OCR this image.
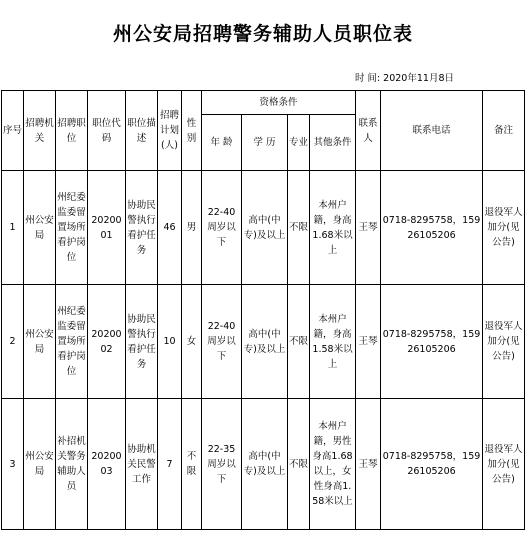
州公安局招聘警务辅助人员职位表
时 间: 2020年11月8日
序号	招聘机关	招聘职位	职位代码	职位描述	招聘计划(人)	性别	资格条件				联系人	联系电话	备注
							年 龄	学 历	专业	其他条件			
1	州公安局	州纪委监委留置场所看护岗位	2020001	协助民警执行看护任务	46	男	22-40周岁以下	高中(中专)及以上	不限	本州户籍，身高1.68米以上	王琴	0718-8295758，15926105206	退役军人加分(见公告)
2	州公安局	州纪委监委留置场所看护岗位	2020002	协助民警执行看护任务	10	女	22-40周岁以下	高中(中专)及以上	不限	本州户籍，身高1.58米以上	王琴	0718-8295758，15926105206	退役军人加分(见公告)
3	州公安局	补招机关警务辅助人员	2020003	协助机关民警工作	7	不限	22-35周岁以下	高中(中专)及以上	不限	本州户籍，男性身高1.68以上，女性身高1.58米以上	王琴	0718-8295758，15926105206	退役军人加分(见公告)
